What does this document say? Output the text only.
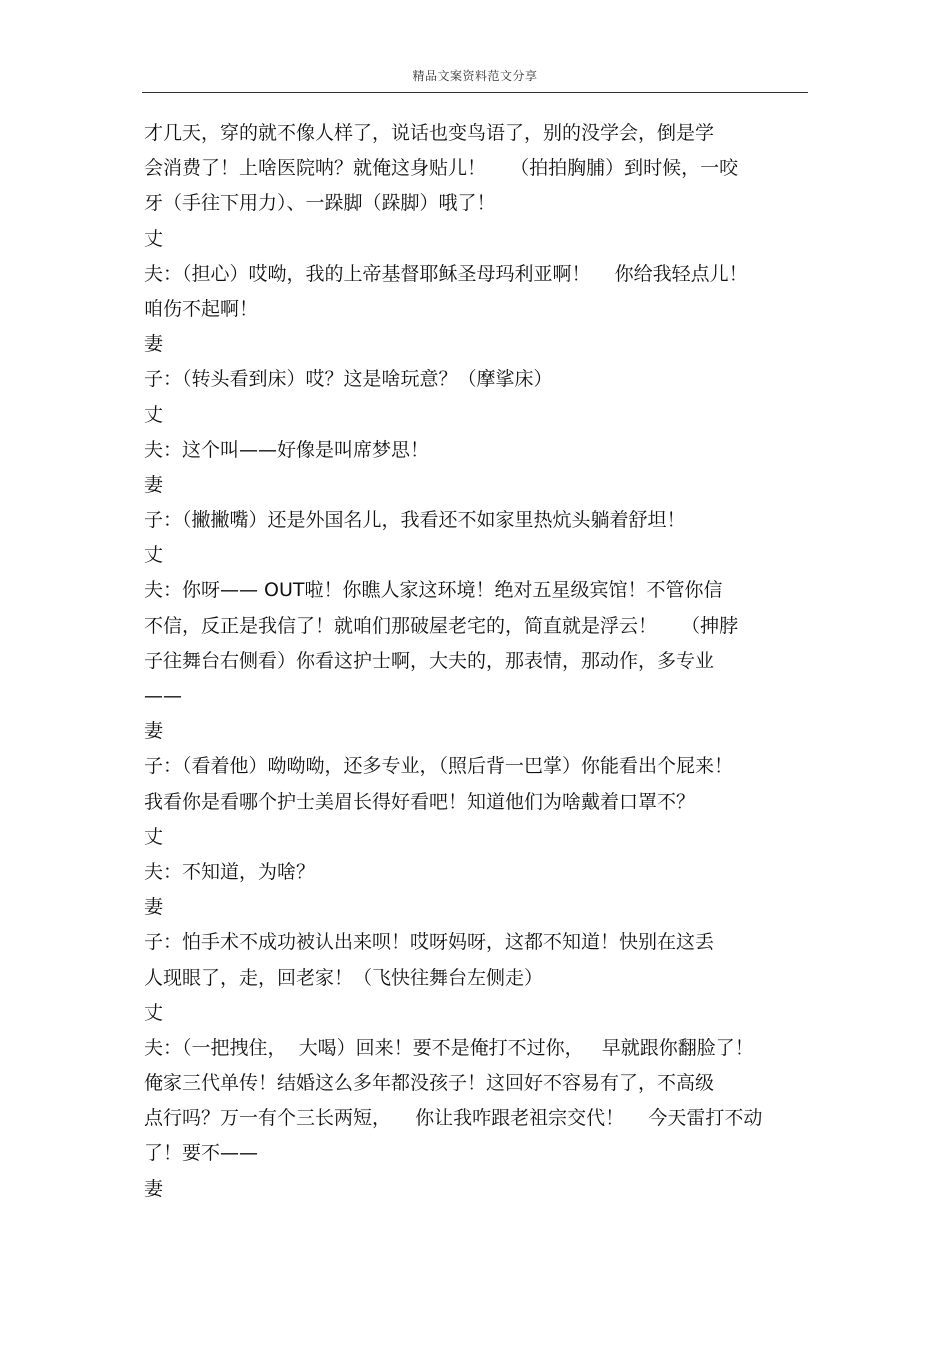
精品文案资料范文分享
才几天，穿的就不像人样了，说话也变鸟语了，别的没学会，倒是学
会消费了！上啥医院呐？就俺这身贴儿！    （拍拍胸脯）到时候，一咬
牙（手往下用力）、一跺脚（跺脚）哦了！
丈
夫：（担心）哎呦，我的上帝基督耶稣圣母玛利亚啊！    你给我轻点儿！
咱伤不起啊！
妻
子：（转头看到床）哎？这是啥玩意？（摩挲床）
丈
夫：这个叫——好像是叫席梦思！
妻
子：（撇撇嘴）还是外国名儿，我看还不如家里热炕头躺着舒坦！
丈
夫：你呀—— OUT啦！你瞧人家这环境！绝对五星级宾馆！不管你信
不信，反正是我信了！就咱们那破屋老宅的，简直就是浮云！    （抻脖
子往舞台右侧看）你看这护士啊，大夫的，那表情，那动作，多专业
——
妻
子：（看着他）呦呦呦，还多专业，（照后背一巴掌）你能看出个屁来！
我看你是看哪个护士美眉长得好看吧！知道他们为啥戴着口罩不？
丈
夫：不知道，为啥？
妻
子：怕手术不成功被认出来呗！哎呀妈呀，这都不知道！快别在这丢
人现眼了，走，回老家！（飞快往舞台左侧走）
丈
夫：（一把拽住，  大喝）回来！要不是俺打不过你，   早就跟你翻脸了！
俺家三代单传！结婚这么多年都没孩子！这回好不容易有了，不高级
点行吗？万一有个三长两短，    你让我咋跟老祖宗交代！    今天雷打不动
了！要不——
妻
